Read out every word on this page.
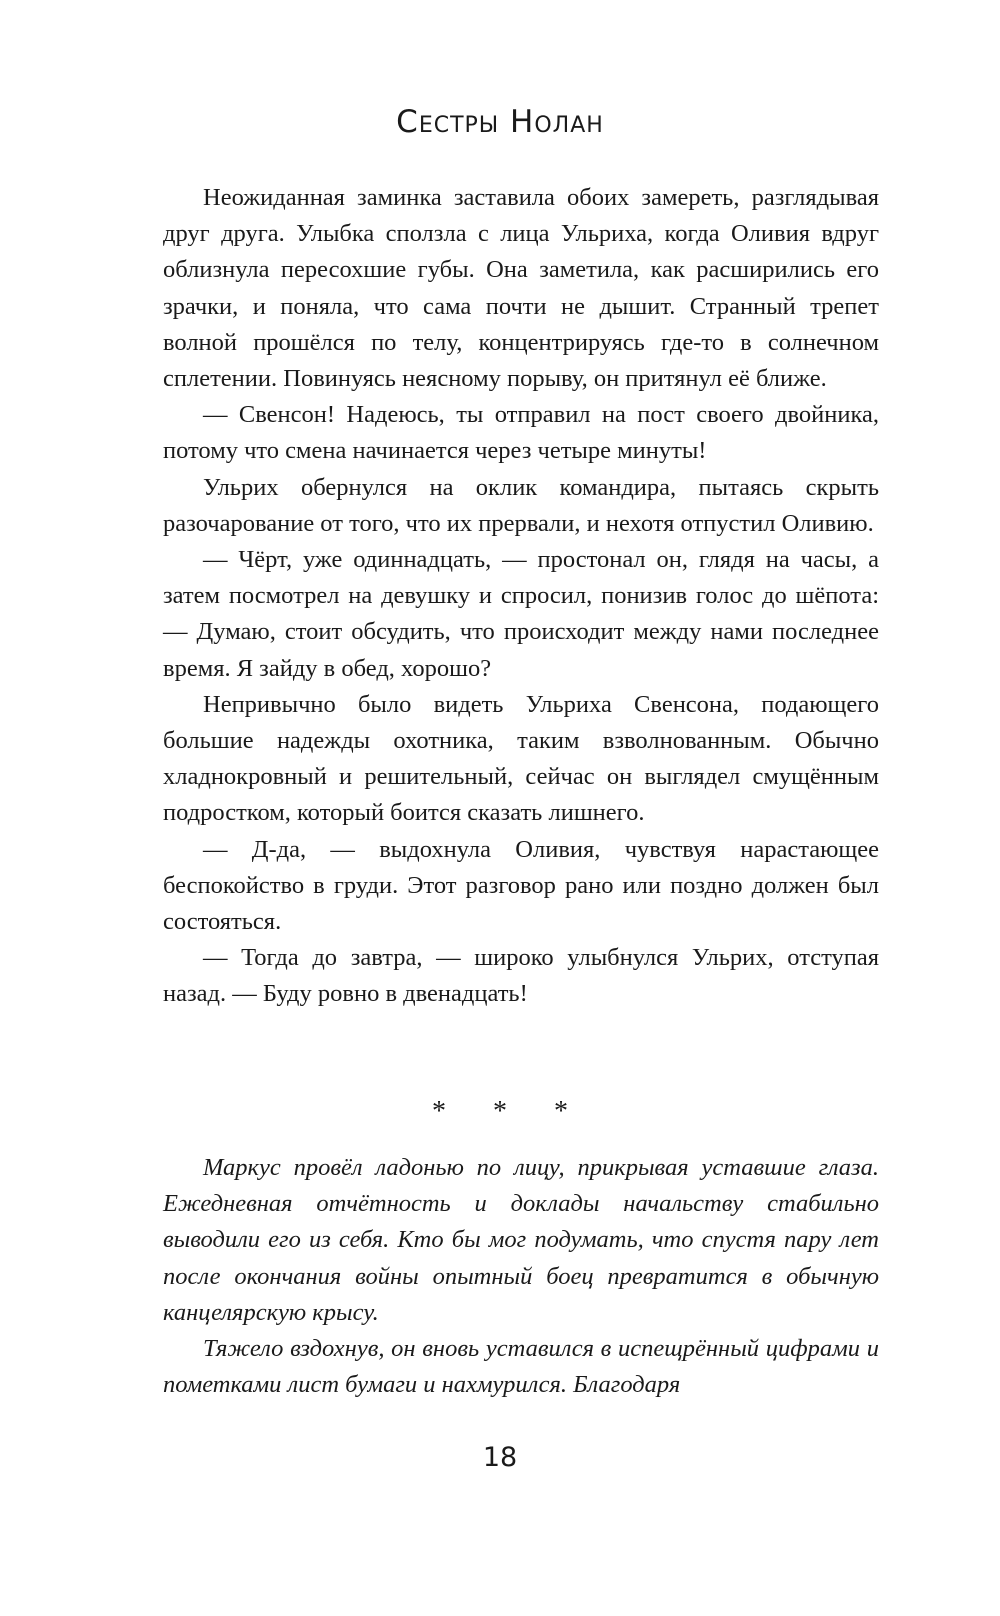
Сестры Нолан

Неожиданная заминка заставила обоих замереть, разглядывая друг друга. Улыбка сползла с лица Ульриха, когда Оливия вдруг облизнула пересохшие губы. Она заметила, как расширились его зрачки, и поняла, что сама почти не дышит. Странный трепет волной прошёлся по телу, концентрируясь где-то в солнечном сплетении. Повинуясь неясному порыву, он притянул её ближе.

— Свенсон! Надеюсь, ты отправил на пост своего двойника, потому что смена начинается через четыре минуты!

Ульрих обернулся на оклик командира, пытаясь скрыть разочарование от того, что их прервали, и нехотя отпустил Оливию.

— Чёрт, уже одиннадцать, — простонал он, глядя на часы, а затем посмотрел на девушку и спросил, понизив голос до шёпота: — Думаю, стоит обсудить, что происходит между нами последнее время. Я зайду в обед, хорошо?

Непривычно было видеть Ульриха Свенсона, подающего большие надежды охотника, таким взволнованным. Обычно хладнокровный и решительный, сейчас он выглядел смущённым подростком, который боится сказать лишнего.

— Д-да, — выдохнула Оливия, чувствуя нарастающее беспокойство в груди. Этот разговор рано или поздно должен был состояться.

— Тогда до завтра, — широко улыбнулся Ульрих, отступая назад. — Буду ровно в двенадцать!

* * *

Маркус провёл ладонью по лицу, прикрывая уставшие глаза. Ежедневная отчётность и доклады начальству стабильно выводили его из себя. Кто бы мог подумать, что спустя пару лет после окончания войны опытный боец превратится в обычную канцелярскую крысу.

Тяжело вздохнув, он вновь уставился в испещрённый цифрами и пометками лист бумаги и нахмурился. Благодаря

18
